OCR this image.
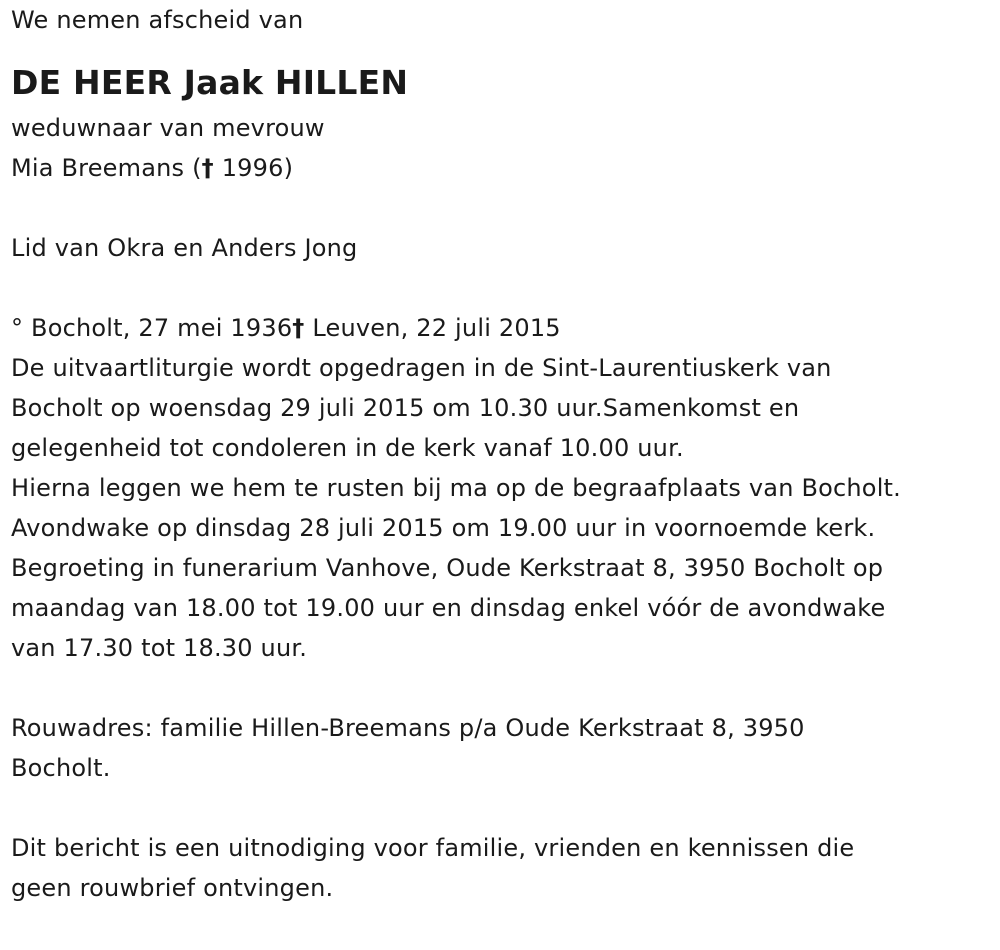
We nemen afscheid van
DE HEER Jaak HILLEN
weduwnaar van mevrouw
Mia Breemans († 1996)
Lid van Okra en Anders Jong
° Bocholt, 27 mei 1936† Leuven, 22 juli 2015
De uitvaartliturgie wordt opgedragen in de Sint-Laurentiuskerk van
Bocholt op woensdag 29 juli 2015 om 10.30 uur.Samenkomst en
gelegenheid tot condoleren in de kerk vanaf 10.00 uur.
Hierna leggen we hem te rusten bij ma op de begraafplaats van Bocholt.
Avondwake op dinsdag 28 juli 2015 om 19.00 uur in voornoemde kerk.
Begroeting in funerarium Vanhove, Oude Kerkstraat 8, 3950 Bocholt op
maandag van 18.00 tot 19.00 uur en dinsdag enkel vóór de avondwake
van 17.30 tot 18.30 uur.
Rouwadres: familie Hillen-Breemans p/a Oude Kerkstraat 8, 3950
Bocholt.
Dit bericht is een uitnodiging voor familie, vrienden en kennissen die
geen rouwbrief ontvingen.
